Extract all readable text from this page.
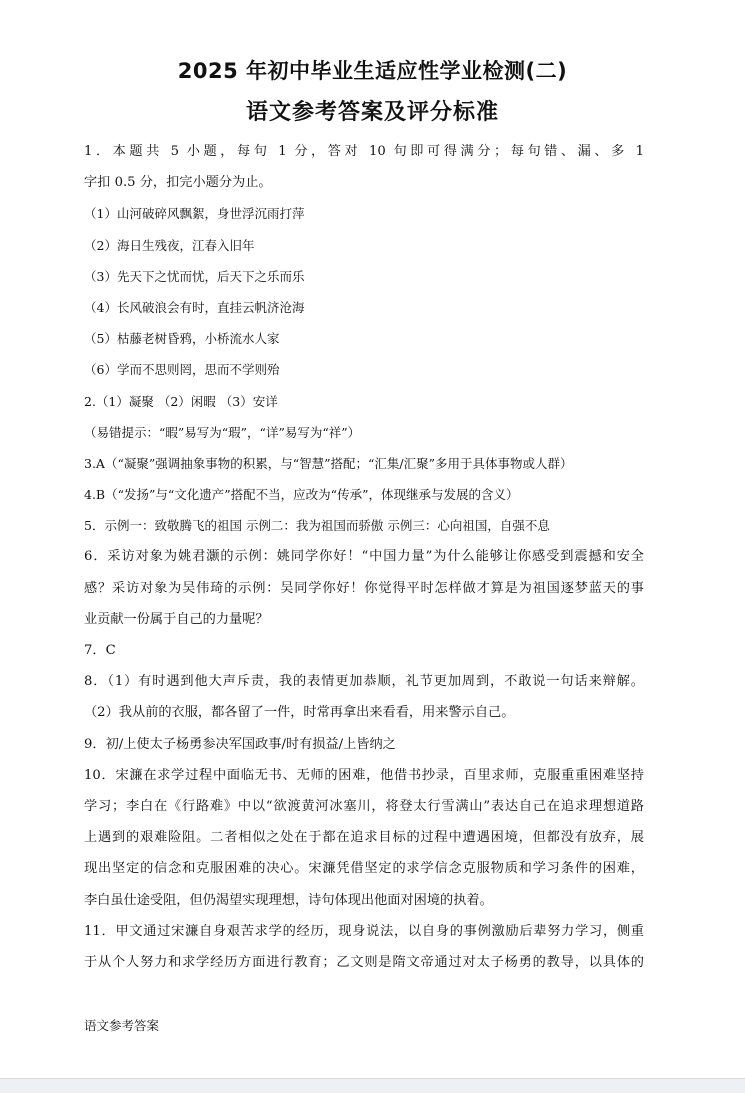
2025 年初中毕业生适应性学业检测(二)
语文参考答案及评分标准
1．本题共 5 小题，每句 1 分，答对 10 句即可得满分；每句错、漏、多 1
字扣 0.5 分，扣完小题分为止。
（1）山河破碎风飘絮，身世浮沉雨打萍
（2）海日生残夜，江春入旧年
（3）先天下之忧而忧，后天下之乐而乐
（4）长风破浪会有时，直挂云帆济沧海
（5）枯藤老树昏鸦，小桥流水人家
（6）学而不思则罔，思而不学则殆
2.（1）凝聚 （2）闲暇 （3）安详
（易错提示：“暇”易写为“瑕”，“详”易写为“祥”）
3.A（“凝聚”强调抽象事物的积累，与“智慧”搭配；“汇集/汇聚”多用于具体事物或人群）
4.B（“发扬”与“文化遗产”搭配不当，应改为“传承”，体现继承与发展的含义）
5．示例一：致敬腾飞的祖国 示例二：我为祖国而骄傲 示例三：心向祖国，自强不息
6．采访对象为姚君灏的示例：姚同学你好！“中国力量”为什么能够让你感受到震撼和安全
感？采访对象为吴伟琦的示例：吴同学你好！你觉得平时怎样做才算是为祖国逐梦蓝天的事
业贡献一份属于自己的力量呢？
7．C
8．（1）有时遇到他大声斥责，我的表情更加恭顺，礼节更加周到，不敢说一句话来辩解。
（2）我从前的衣服，都各留了一件，时常再拿出来看看，用来警示自己。
9．初/上使太子杨勇参决军国政事/时有损益/上皆纳之
10．宋濂在求学过程中面临无书、无师的困难，他借书抄录，百里求师，克服重重困难坚持
学习；李白在《行路难》中以“欲渡黄河冰塞川，将登太行雪满山”表达自己在追求理想道路
上遇到的艰难险阻。二者相似之处在于都在追求目标的过程中遭遇困境，但都没有放弃，展
现出坚定的信念和克服困难的决心。宋濂凭借坚定的求学信念克服物质和学习条件的困难，
李白虽仕途受阻，但仍渴望实现理想，诗句体现出他面对困境的执着。
11．甲文通过宋濂自身艰苦求学的经历，现身说法，以自身的事例激励后辈努力学习，侧重
于从个人努力和求学经历方面进行教育；乙文则是隋文帝通过对太子杨勇的教导，以具体的
语文参考答案
